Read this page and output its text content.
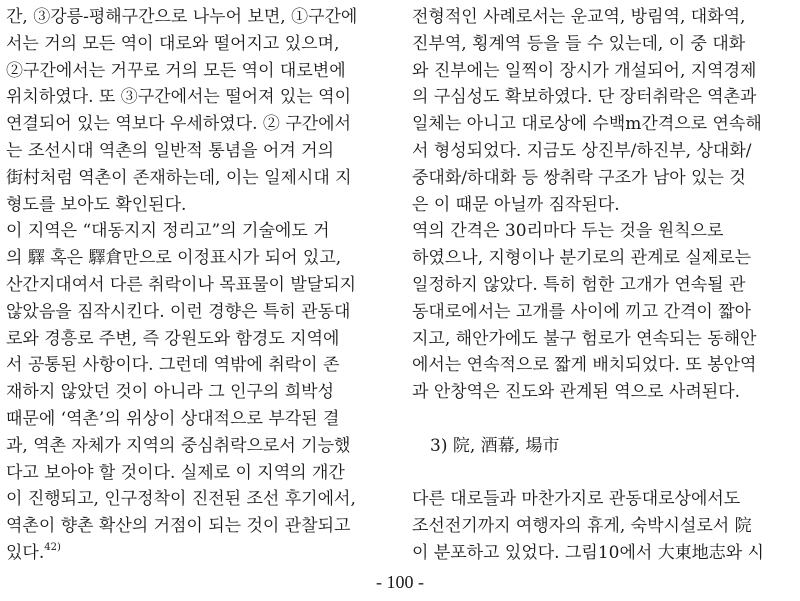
간, ③강릉-평해구간으로 나누어 보면, ①구간에
서는 거의 모든 역이 대로와 떨어지고 있으며,
②구간에서는 거꾸로 거의 모든 역이 대로변에
위치하였다. 또 ③구간에서는 떨어져 있는 역이
연결되어 있는 역보다 우세하였다. ② 구간에서
는 조선시대 역촌의 일반적 통념을 어겨 거의
街村처럼 역촌이 존재하는데, 이는 일제시대 지
형도를 보아도 확인된다.
이 지역은 “대동지지 정리고”의 기술에도 거
의 驛 혹은 驛倉만으로 이정표시가 되어 있고,
산간지대여서 다른 취락이나 목표물이 발달되지
않았음을 짐작시킨다. 이런 경향은 특히 관동대
로와 경흥로 주변, 즉 강원도와 함경도 지역에
서 공통된 사항이다. 그런데 역밖에 취락이 존
재하지 않았던 것이 아니라 그 인구의 희박성
때문에 ‘역촌’의 위상이 상대적으로 부각된 결
과, 역촌 자체가 지역의 중심취락으로서 기능했
다고 보아야 할 것이다. 실제로 이 지역의 개간
이 진행되고, 인구정착이 진전된 조선 후기에서,
역촌이 향촌 확산의 거점이 되는 것이 관찰되고
있다.$^{42)}$
전형적인 사례로서는 운교역, 방림역, 대화역,
진부역, 횡계역 등을 들 수 있는데, 이 중 대화
와 진부에는 일찍이 장시가 개설되어, 지역경제
의 구심성도 확보하였다. 단 장터취락은 역촌과
일체는 아니고 대로상에 수백m간격으로 연속해
서 형성되었다. 지금도 상진부/하진부, 상대화/
중대화/하대화 등 쌍취락 구조가 남아 있는 것
은 이 때문 아닐까 짐작된다.
역의 간격은 30리마다 두는 것을 원칙으로
하였으나, 지형이나 분기로의 관계로 실제로는
일정하지 않았다. 특히 험한 고개가 연속될 관
동대로에서는 고개를 사이에 끼고 간격이 짧아
지고, 해안가에도 불구 험로가 연속되는 동해안
에서는 연속적으로 짧게 배치되었다. 또 봉안역
과 안창역은 진도와 관계된 역으로 사려된다.
3) 院, 酒幕, 場市
다른 대로들과 마찬가지로 관동대로상에서도
조선전기까지 여행자의 휴게, 숙박시설로서 院
이 분포하고 있었다. 그림10에서 大東地志와 시
- 100 -
